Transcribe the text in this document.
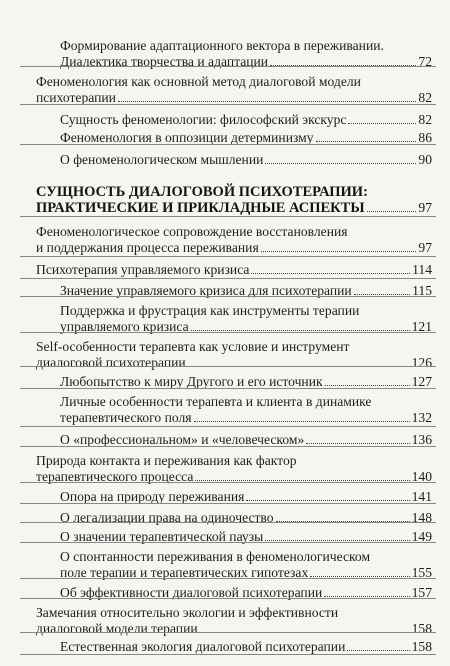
Формирование адаптационного вектора в переживании.
Диалектика творчества и адаптации	72
Феноменология как основной метод диалоговой модели
психотерапии	82
Сущность феноменологии: философский экскурс	82
Феноменология в оппозиции детерминизму	86
О феноменологическом мышлении	90
СУЩНОСТЬ ДИАЛОГОВОЙ ПСИХОТЕРАПИИ:
ПРАКТИЧЕСКИЕ И ПРИКЛАДНЫЕ АСПЕКТЫ	97
Феноменологическое сопровождение восстановления
и поддержания процесса переживания	97
Психотерапия управляемого кризиса	114
Значение управляемого кризиса для психотерапии	115
Поддержка и фрустрация как инструменты терапии
управляемого кризиса	121
Self-особенности терапевта как условие и инструмент
диалоговой психотерапии	126
Любопытство к миру Другого и его источник	127
Личные особенности терапевта и клиента в динамике
терапевтического поля	132
О «профессиональном» и «человеческом»	136
Природа контакта и переживания как фактор
терапевтического процесса	140
Опора на природу переживания	141
О легализации права на одиночество	148
О значении терапевтической паузы	149
О спонтанности переживания в феноменологическом
поле терапии и терапевтических гипотезах	155
Об эффективности диалоговой психотерапии	157
Замечания относительно экологии и эффективности
диалоговой модели терапии	158
Естественная экология диалоговой психотерапии	158
